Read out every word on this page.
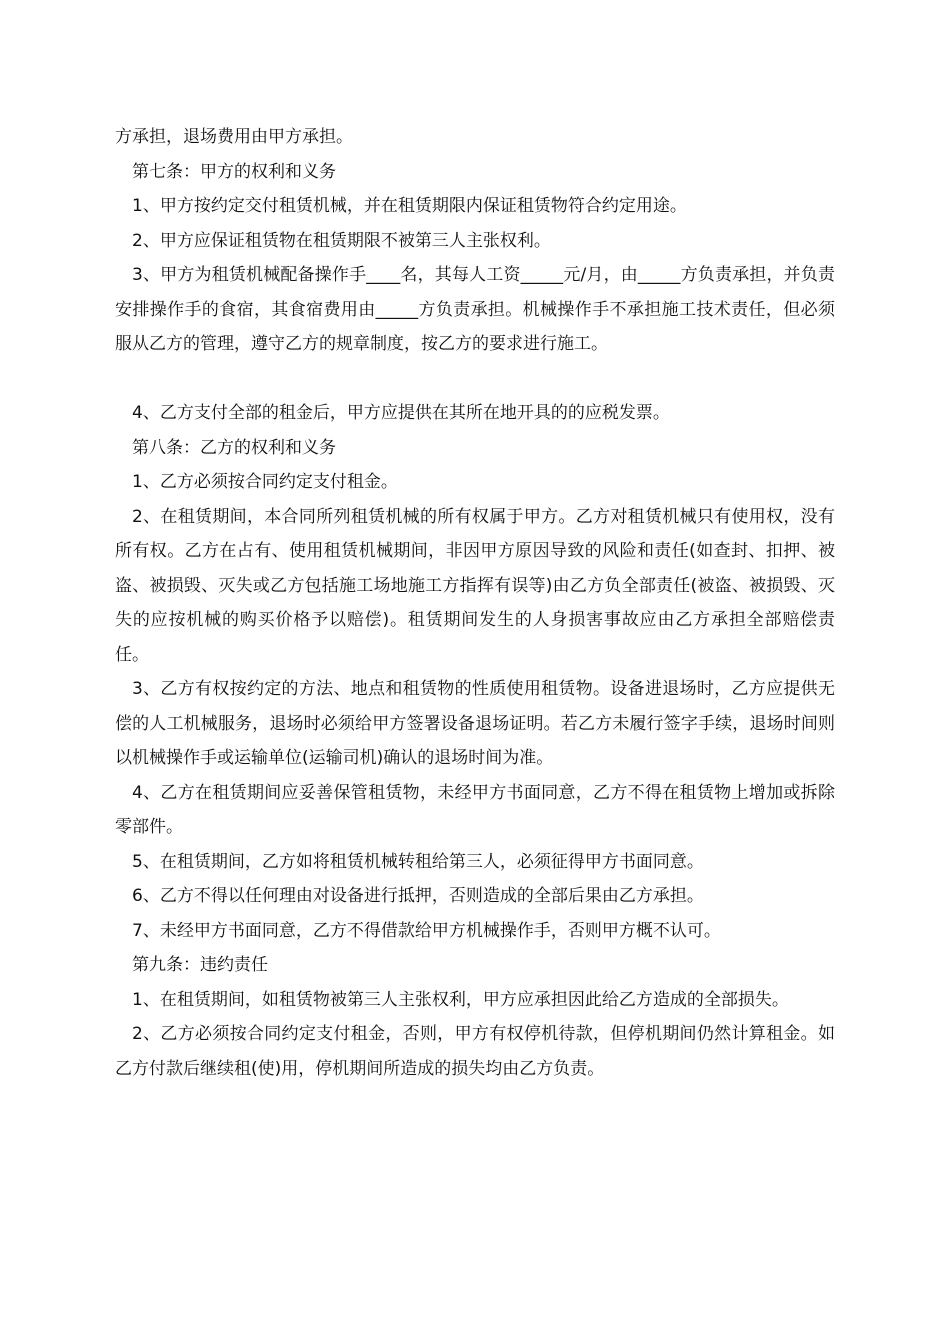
方承担，退场费用由甲方承担。

第七条：甲方的权利和义务

1、甲方按约定交付租赁机械，并在租赁期限内保证租赁物符合约定用途。

2、甲方应保证租赁物在租赁期限不被第三人主张权利。

3、甲方为租赁机械配备操作手____名，其每人工资_____元/月，由_____方负责承担，并负责安排操作手的食宿，其食宿费用由_____方负责承担。机械操作手不承担施工技术责任，但必须服从乙方的管理，遵守乙方的规章制度，按乙方的要求进行施工。

4、乙方支付全部的租金后，甲方应提供在其所在地开具的的应税发票。

第八条：乙方的权利和义务

1、乙方必须按合同约定支付租金。

2、在租赁期间，本合同所列租赁机械的所有权属于甲方。乙方对租赁机械只有使用权，没有所有权。乙方在占有、使用租赁机械期间，非因甲方原因导致的风险和责任(如查封、扣押、被盗、被损毁、灭失或乙方包括施工场地施工方指挥有误等)由乙方负全部责任(被盗、被损毁、灭失的应按机械的购买价格予以赔偿)。租赁期间发生的人身损害事故应由乙方承担全部赔偿责任。

3、乙方有权按约定的方法、地点和租赁物的性质使用租赁物。设备进退场时，乙方应提供无偿的人工机械服务，退场时必须给甲方签署设备退场证明。若乙方未履行签字手续，退场时间则以机械操作手或运输单位(运输司机)确认的退场时间为准。

4、乙方在租赁期间应妥善保管租赁物，未经甲方书面同意，乙方不得在租赁物上增加或拆除零部件。

5、在租赁期间，乙方如将租赁机械转租给第三人，必须征得甲方书面同意。

6、乙方不得以任何理由对设备进行抵押，否则造成的全部后果由乙方承担。

7、未经甲方书面同意，乙方不得借款给甲方机械操作手，否则甲方概不认可。

第九条：违约责任

1、在租赁期间，如租赁物被第三人主张权利，甲方应承担因此给乙方造成的全部损失。

2、乙方必须按合同约定支付租金，否则，甲方有权停机待款，但停机期间仍然计算租金。如乙方付款后继续租(使)用，停机期间所造成的损失均由乙方负责。
